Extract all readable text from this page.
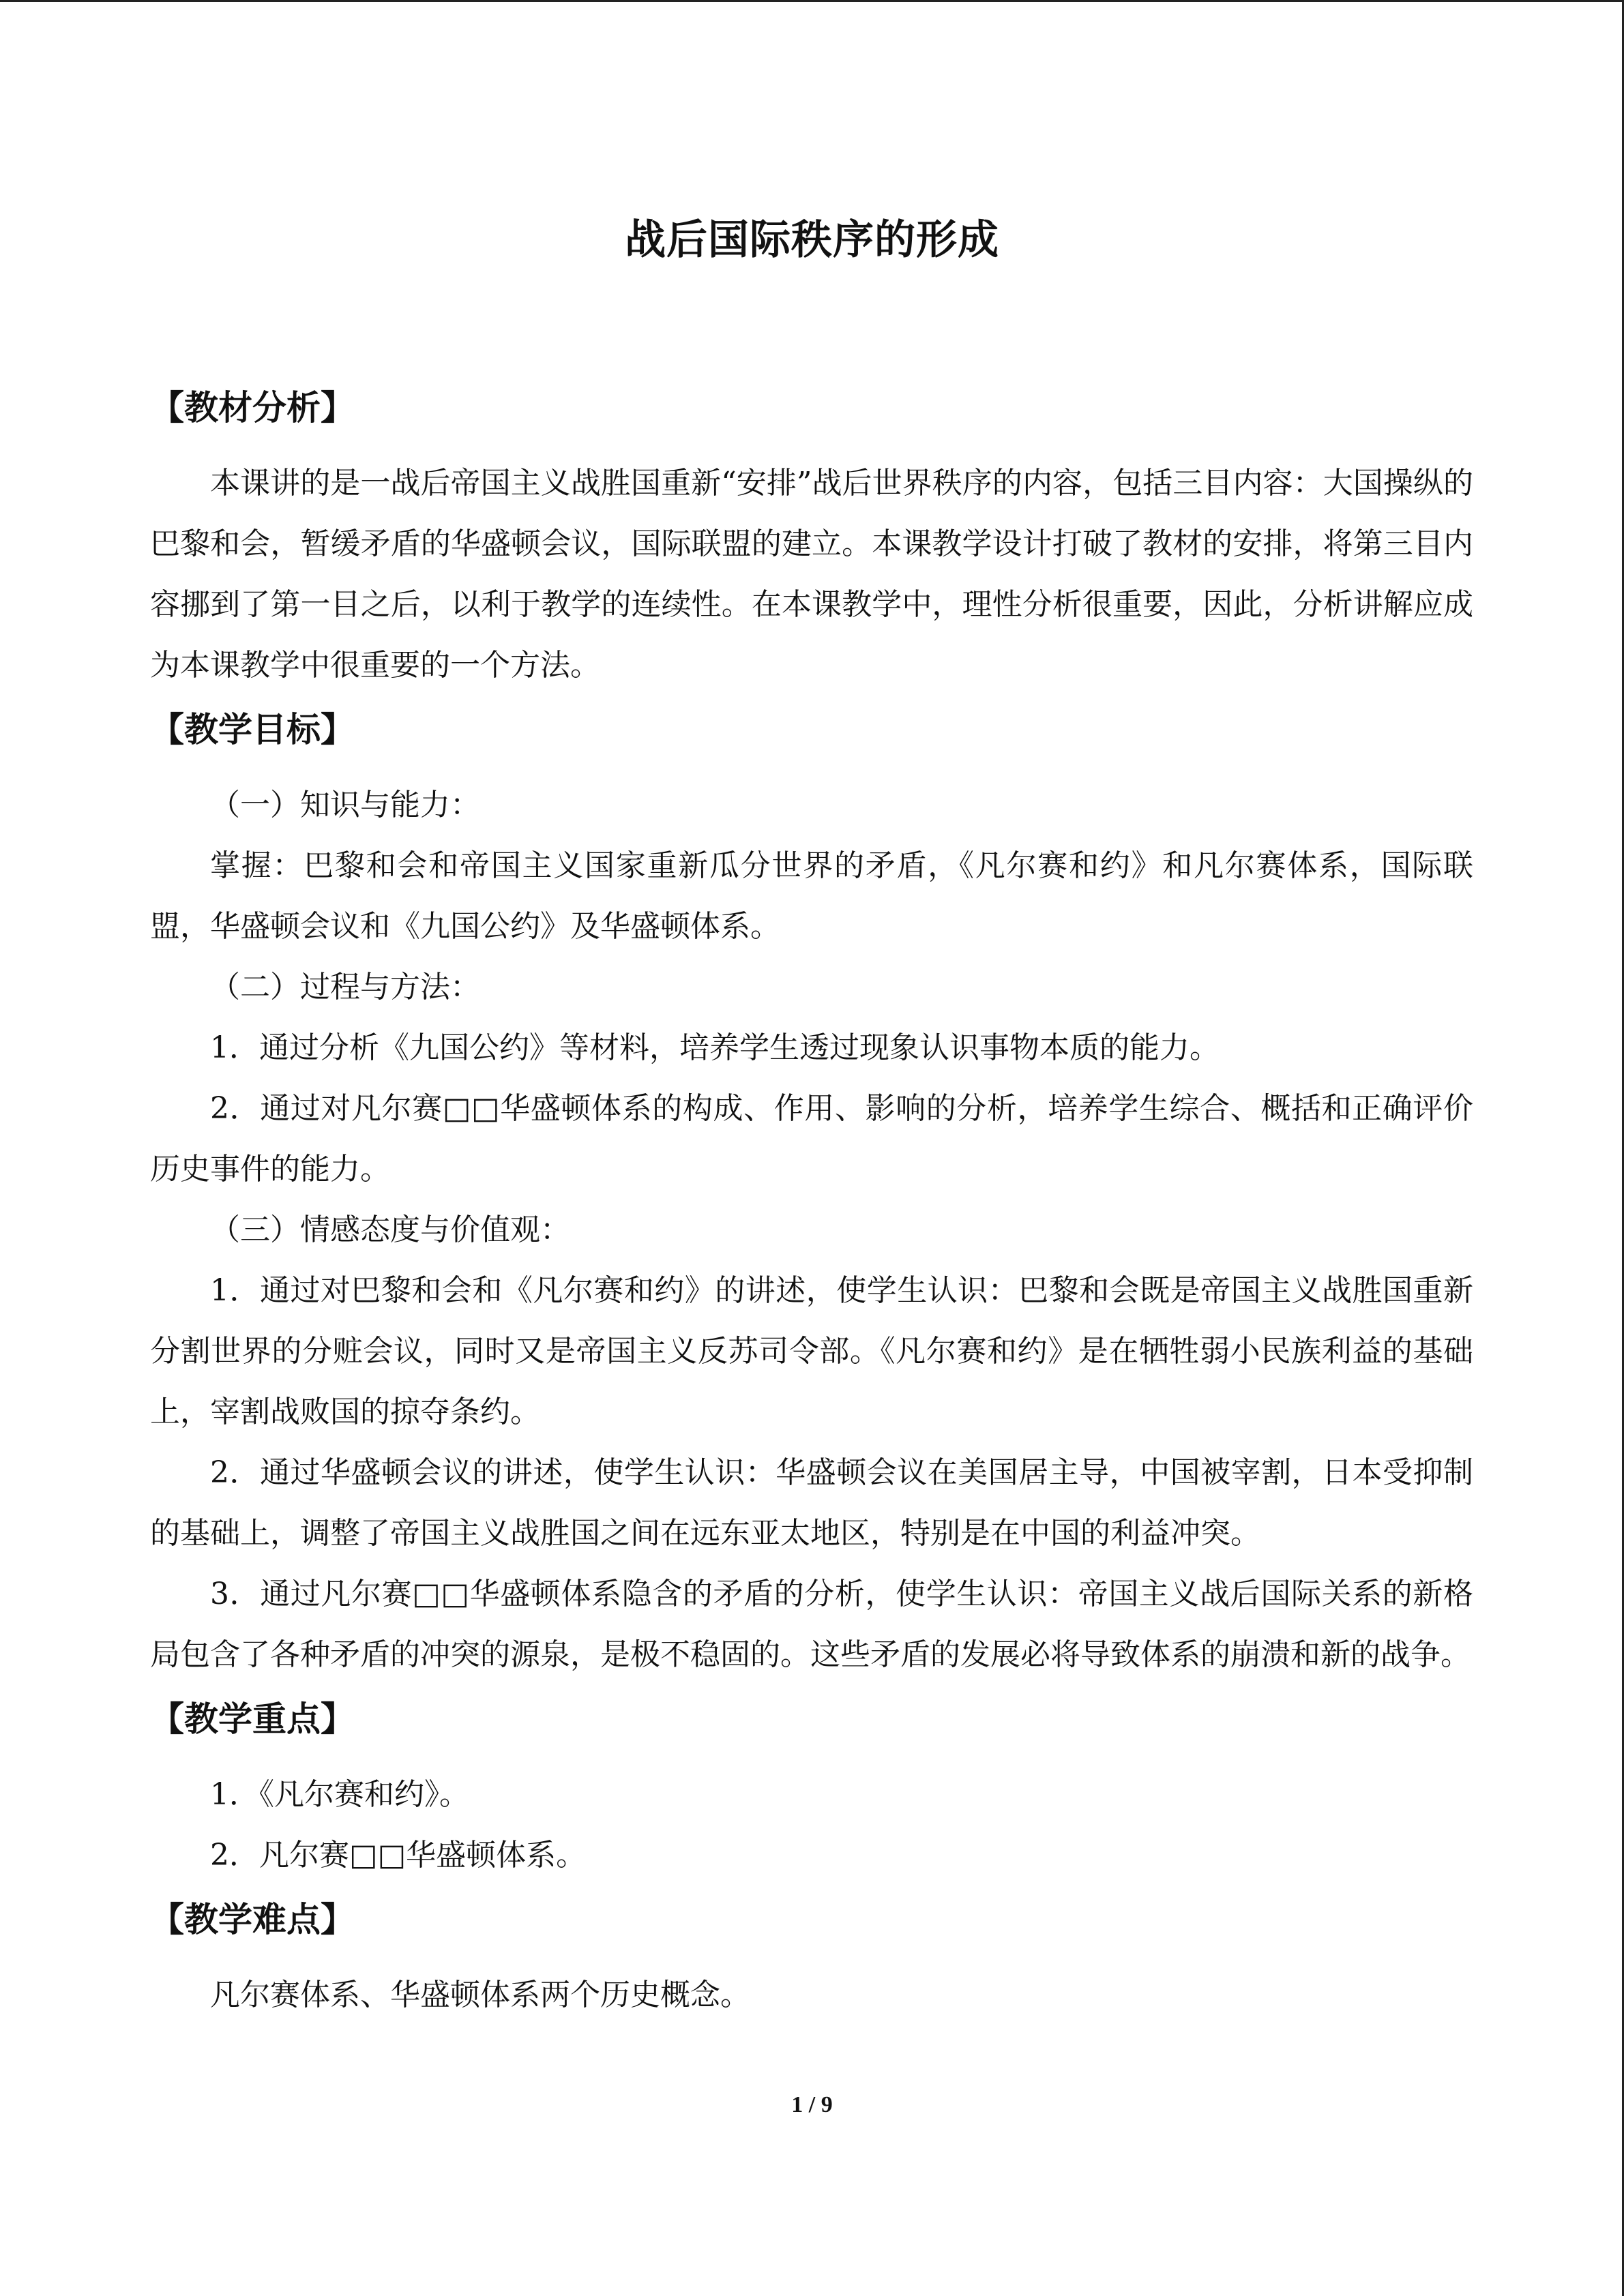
战后国际秩序的形成
【教材分析】

本课讲的是一战后帝国主义战胜国重新“安排”战后世界秩序的内容，包括三目内容：大国操纵的巴黎和会，暂缓矛盾的华盛顿会议，国际联盟的建立。本课教学设计打破了教材的安排，将第三目内容挪到了第一目之后，以利于教学的连续性。在本课教学中，理性分析很重要，因此，分析讲解应成为本课教学中很重要的一个方法。

【教学目标】

（一）知识与能力：

掌握：巴黎和会和帝国主义国家重新瓜分世界的矛盾，《凡尔赛和约》和凡尔赛体系，国际联盟，华盛顿会议和《九国公约》及华盛顿体系。

（二）过程与方法：

1．通过分析《九国公约》等材料，培养学生透过现象认识事物本质的能力。

2．通过对凡尔赛□□华盛顿体系的构成、作用、影响的分析，培养学生综合、概括和正确评价历史事件的能力。

（三）情感态度与价值观：

1．通过对巴黎和会和《凡尔赛和约》的讲述，使学生认识：巴黎和会既是帝国主义战胜国重新分割世界的分赃会议，同时又是帝国主义反苏司令部。《凡尔赛和约》是在牺牲弱小民族利益的基础上，宰割战败国的掠夺条约。

2．通过华盛顿会议的讲述，使学生认识：华盛顿会议在美国居主导，中国被宰割，日本受抑制的基础上，调整了帝国主义战胜国之间在远东亚太地区，特别是在中国的利益冲突。

3．通过凡尔赛□□华盛顿体系隐含的矛盾的分析，使学生认识：帝国主义战后国际关系的新格局包含了各种矛盾的冲突的源泉，是极不稳固的。这些矛盾的发展必将导致体系的崩溃和新的战争。

【教学重点】

1．《凡尔赛和约》。

2．凡尔赛□□华盛顿体系。

【教学难点】

凡尔赛体系、华盛顿体系两个历史概念。

1 / 9
